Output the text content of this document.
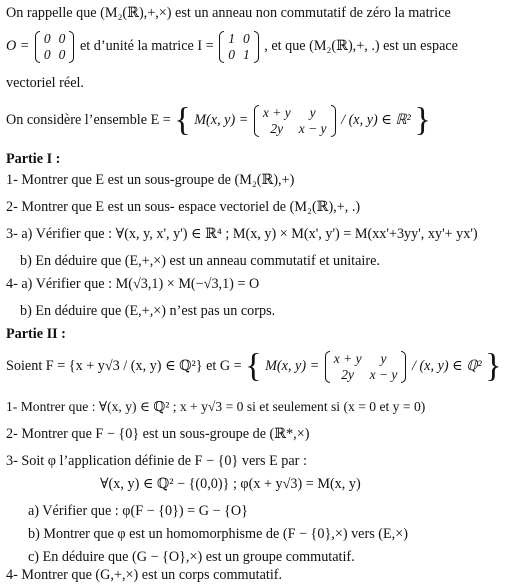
On rappelle que (M₂(ℝ),+,×) est un anneau non commutatif de zéro la matrice
O = 0	0
0	0
et d’unité la matrice I = 1	0
0	1
, et que (M₂(ℝ),+, .) est un espace
vectoriel réel.
On considère l’ensemble E = { M(x, y) = x + y	y
2y	x − y
/ (x, y) ∈ ℝ² }
Partie I :
1- Montrer que E est un sous-groupe de (M₂(ℝ),+)
2- Montrer que E est un sous- espace vectoriel de (M₂(ℝ),+, .)
3- a) Vérifier que : ∀(x, y, x', y') ∈ ℝ⁴ ; M(x, y) × M(x', y') = M(xx'+3yy', xy'+ yx')
b) En déduire que (E,+,×) est un anneau commutatif et unitaire.
4- a) Vérifier que : M(√3,1) × M(−√3,1) = O
b) En déduire que (E,+,×) n’est pas un corps.
Partie II :
Soient F = {x + y√3 / (x, y) ∈ ℚ²} et G = { M(x, y) = x + y	y
2y	x − y
/ (x, y) ∈ ℚ² }
1- Montrer que : ∀(x, y) ∈ ℚ² ; x + y√3 = 0 si et seulement si (x = 0 et y = 0)
2- Montrer que F − {0} est un sous-groupe de (ℝ*,×)
3- Soit φ l’application définie de F − {0} vers E par :
∀(x, y) ∈ ℚ² − {(0,0)} ; φ(x + y√3) = M(x, y)
a) Vérifier que : φ(F − {0}) = G − {O}
b) Montrer que φ est un homomorphisme de (F − {0},×) vers (E,×)
c) En déduire que (G − {O},×) est un groupe commutatif.
4- Montrer que (G,+,×) est un corps commutatif.
